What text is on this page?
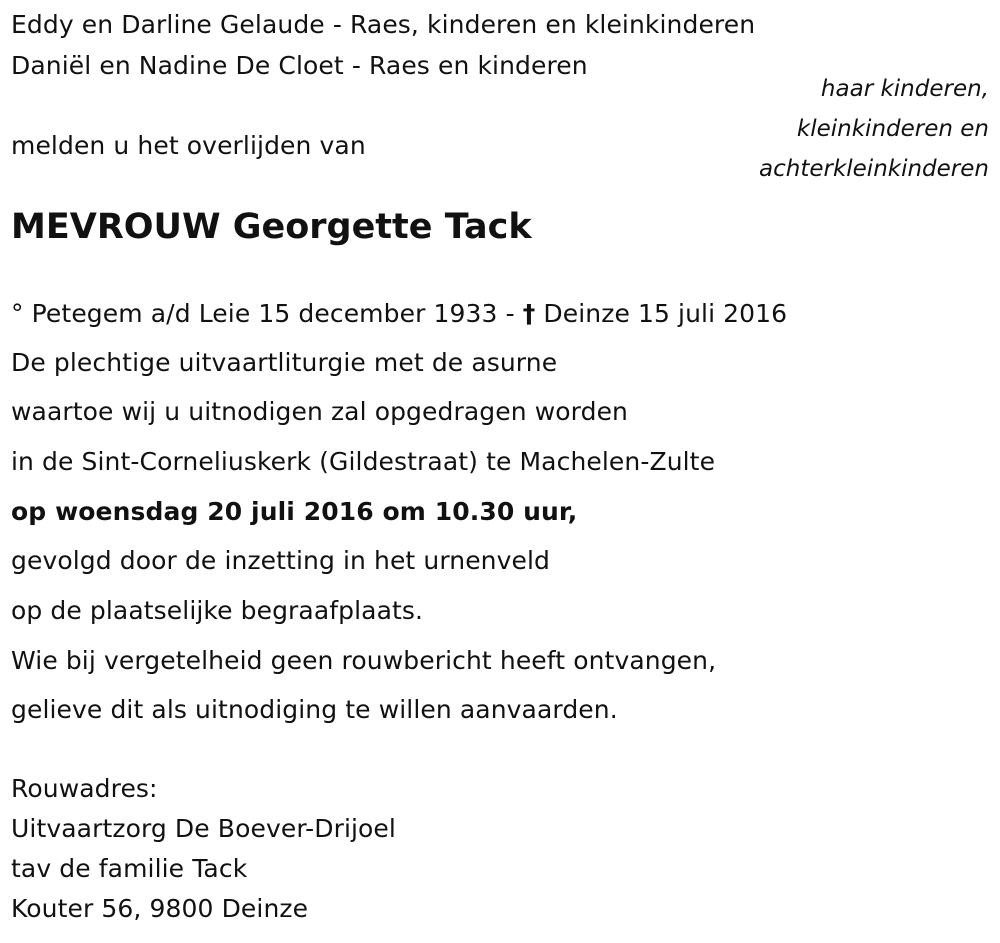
Eddy en Darline Gelaude - Raes, kinderen en kleinkinderen
Daniël en Nadine De Cloet - Raes en kinderen
haar kinderen,
kleinkinderen en
achterkleinkinderen
melden u het overlijden van
MEVROUW Georgette Tack
° Petegem a/d Leie 15 december 1933 - † Deinze 15 juli 2016
De plechtige uitvaartliturgie met de asurne
waartoe wij u uitnodigen zal opgedragen worden
in de Sint-Corneliuskerk (Gildestraat) te Machelen-Zulte
op woensdag 20 juli 2016 om 10.30 uur,
gevolgd door de inzetting in het urnenveld
op de plaatselijke begraafplaats.
Wie bij vergetelheid geen rouwbericht heeft ontvangen,
gelieve dit als uitnodiging te willen aanvaarden.
Rouwadres:
Uitvaartzorg De Boever-Drijoel
tav de familie Tack
Kouter 56, 9800 Deinze
